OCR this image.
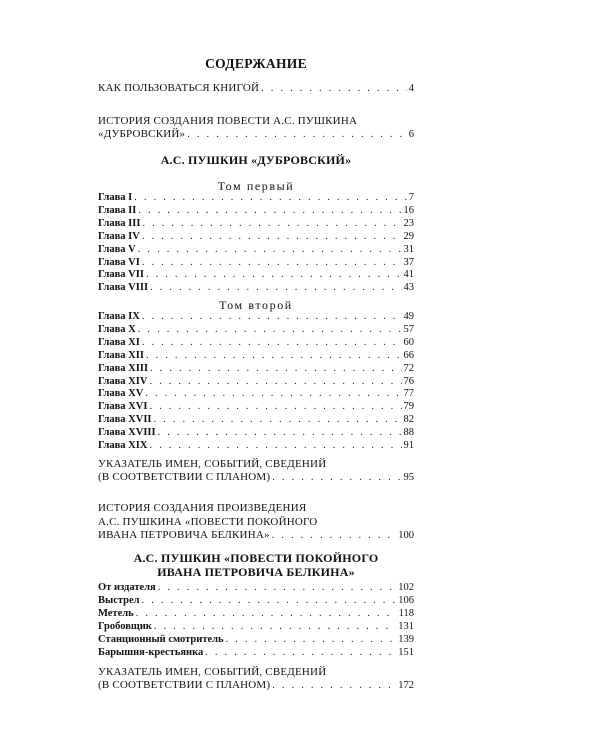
СОДЕРЖАНИЕ
КАК ПОЛЬЗОВАТЬСЯ КНИГОЙ . . .	4
ИСТОРИЯ СОЗДАНИЯ ПОВЕСТИ А.С. ПУШКИНА
«ДУБРОВСКИЙ» . . .	6
А.С. ПУШКИН «ДУБРОВСКИЙ»
Том первый
Глава I . . .	7
Глава II . . .	16
Глава III . . .	23
Глава IV . . .	29
Глава V . . .	31
Глава VI . . .	37
Глава VII . . .	41
Глава VIII . . .	43
Том второй
Глава IX . . .	49
Глава X . . .	57
Глава XI . . .	60
Глава XII . . .	66
Глава XIII . . .	72
Глава XIV . . .	76
Глава XV . . .	77
Глава XVI . . .	79
Глава XVII . . .	82
Глава XVIII . . .	88
Глава XIX . . .	91
УКАЗАТЕЛЬ ИМЕН, СОБЫТИЙ, СВЕДЕНИЙ
(В СООТВЕТСТВИИ С ПЛАНОМ) . . .	95
ИСТОРИЯ СОЗДАНИЯ ПРОИЗВЕДЕНИЯ
А.С. ПУШКИНА «ПОВЕСТИ ПОКОЙНОГО
ИВАНА ПЕТРОВИЧА БЕЛКИНА» . . .	100
А.С. ПУШКИН «ПОВЕСТИ ПОКОЙНОГО
ИВАНА ПЕТРОВИЧА БЕЛКИНА»
От издателя . . .	102
Выстрел . . .	106
Метель . . .	118
Гробовщик . . .	131
Станционный смотритель . . .	139
Барышня-крестьянка . . .	151
УКАЗАТЕЛЬ ИМЕН, СОБЫТИЙ, СВЕДЕНИЙ
(В СООТВЕТСТВИИ С ПЛАНОМ) . . .	172
